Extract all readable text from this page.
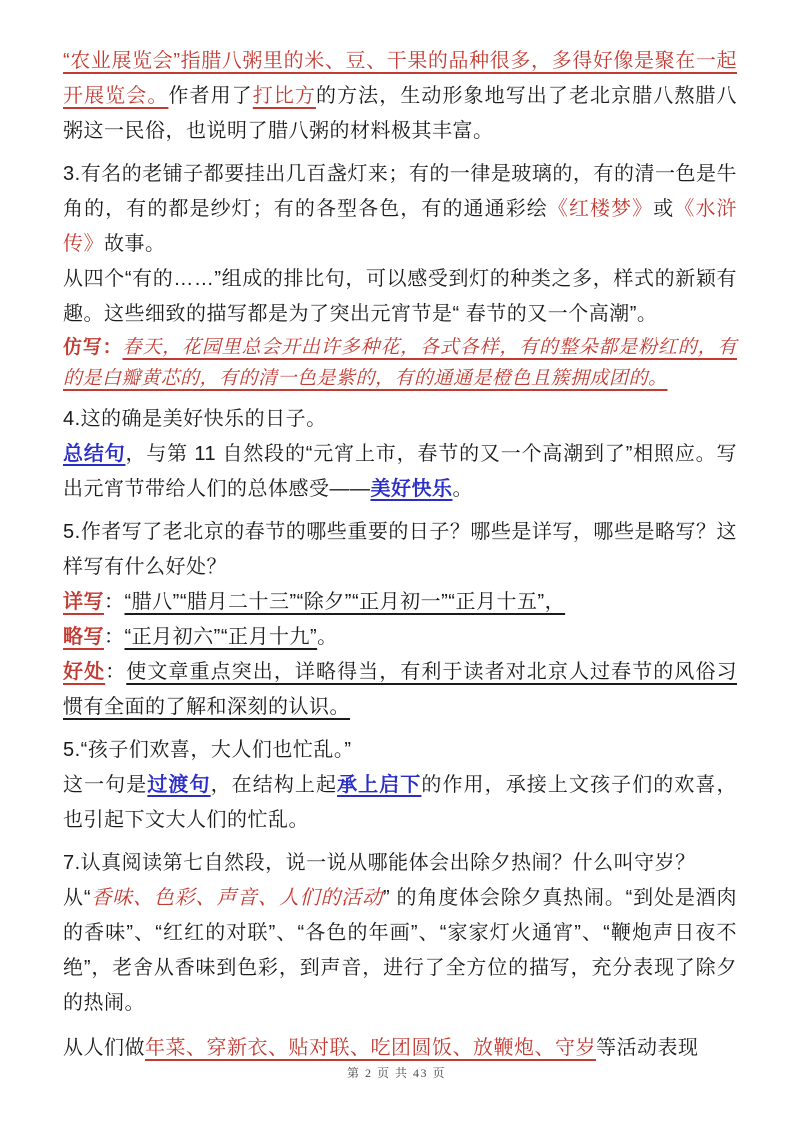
“农业展览会”指腊八粥里的米、豆、干果的品种很多，多得好像是聚在一起开展览会。作者用了打比方的方法，生动形象地写出了老北京腊八熬腊八粥这一民俗，也说明了腊八粥的材料极其丰富。

3.有名的老铺子都要挂出几百盏灯来；有的一律是玻璃的，有的清一色是牛角的，有的都是纱灯；有的各型各色，有的通通彩绘《红楼梦》或《水浒传》故事。

从四个“有的……”组成的排比句，可以感受到灯的种类之多，样式的新颖有趣。这些细致的描写都是为了突出元宵节是“ 春节的又一个高潮”。

仿写：春天，花园里总会开出许多种花，各式各样，有的整朵都是粉红的，有的是白瓣黄芯的，有的清一色是紫的，有的通通是橙色且簇拥成团的。

4.这的确是美好快乐的日子。

总结句，与第 11 自然段的“元宵上市，春节的又一个高潮到了”相照应。写出元宵节带给人们的总体感受——美好快乐。

5.作者写了老北京的春节的哪些重要的日子？哪些是详写，哪些是略写？这样写有什么好处？

详写：“腊八”“腊月二十三”“除夕”“正月初一”“正月十五”，

略写：“正月初六”“正月十九”。

好处：使文章重点突出，详略得当，有利于读者对北京人过春节的风俗习惯有全面的了解和深刻的认识。

5.“孩子们欢喜，大人们也忙乱。”

这一句是过渡句，在结构上起承上启下的作用，承接上文孩子们的欢喜，也引起下文大人们的忙乱。

7.认真阅读第七自然段，说一说从哪能体会出除夕热闹？什么叫守岁？

从“香味、色彩、声音、人们的活动” 的角度体会除夕真热闹。“到处是酒肉的香味”、“红红的对联”、“各色的年画”、“家家灯火通宵”、“鞭炮声日夜不绝”，老舍从香味到色彩，到声音，进行了全方位的描写，充分表现了除夕的热闹。

从人们做年菜、穿新衣、贴对联、吃团圆饭、放鞭炮、守岁等活动表现

第 2 页 共 43 页
